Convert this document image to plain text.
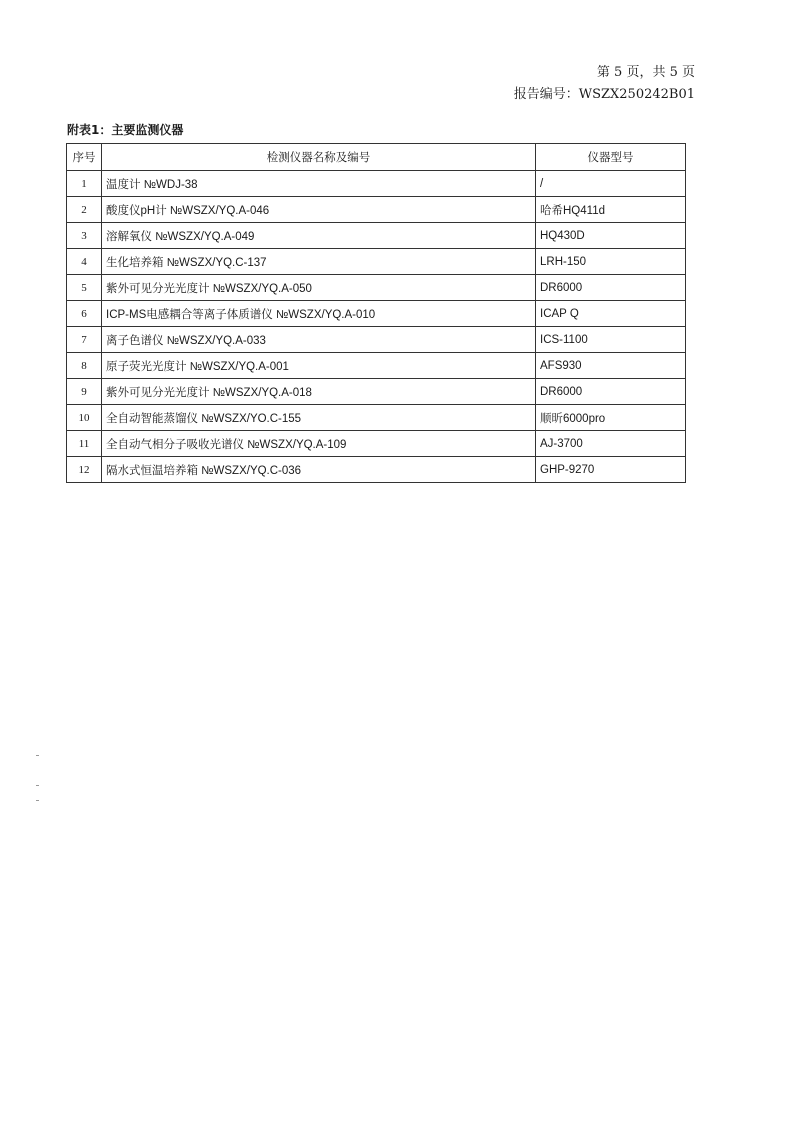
第 5 页，共 5 页
报告编号：WSZX250242B01
附表1：主要监测仪器
序号	检测仪器名称及编号	仪器型号
1	温度计 №WDJ-38	/
2	酸度仪pH计 №WSZX/YQ.A-046	哈希HQ411d
3	溶解氧仪 №WSZX/YQ.A-049	HQ430D
4	生化培养箱 №WSZX/YQ.C-137	LRH-150
5	紫外可见分光光度计 №WSZX/YQ.A-050	DR6000
6	ICP-MS电感耦合等离子体质谱仪 №WSZX/YQ.A-010	ICAP Q
7	离子色谱仪 №WSZX/YQ.A-033	ICS-1100
8	原子荧光光度计 №WSZX/YQ.A-001	AFS930
9	紫外可见分光光度计 №WSZX/YQ.A-018	DR6000
10	全自动智能蒸馏仪 №WSZX/YO.C-155	顺昕6000pro
11	全自动气相分子吸收光谱仪 №WSZX/YQ.A-109	AJ-3700
12	隔水式恒温培养箱 №WSZX/YQ.C-036	GHP-9270
